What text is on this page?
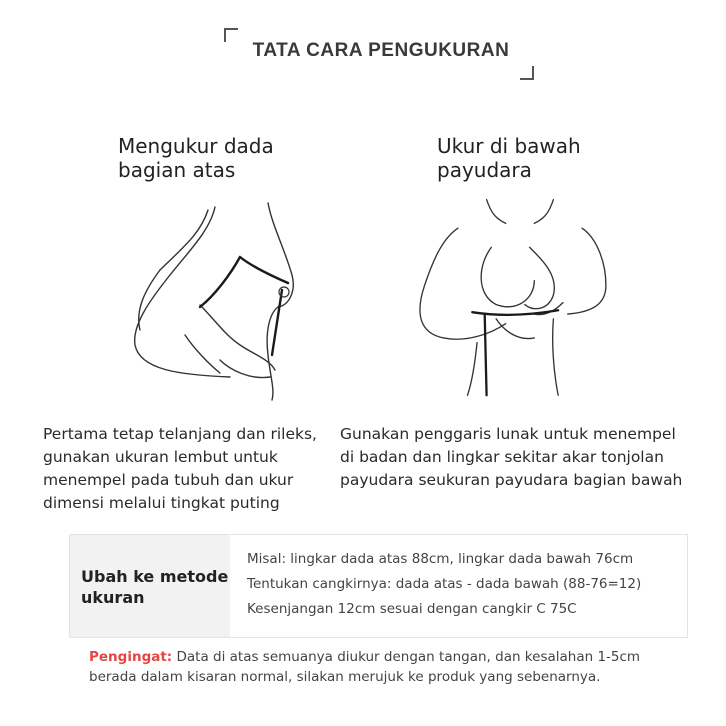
TATA CARA PENGUKURAN
Mengukur dada
bagian atas
Ukur di bawah
payudara
Pertama tetap telanjang dan rileks,
gunakan ukuran lembut untuk
menempel pada tubuh dan ukur
dimensi melalui tingkat puting
Gunakan penggaris lunak untuk menempel
di badan dan lingkar sekitar akar tonjolan
payudara seukuran payudara bagian bawah
Ubah ke metode
ukuran
Misal: lingkar dada atas 88cm, lingkar dada bawah 76cm
Tentukan cangkirnya: dada atas - dada bawah (88-76=12)
Kesenjangan 12cm sesuai dengan cangkir C 75C
Pengingat: Data di atas semuanya diukur dengan tangan, dan kesalahan 1-5cm
berada dalam kisaran normal, silakan merujuk ke produk yang sebenarnya.
